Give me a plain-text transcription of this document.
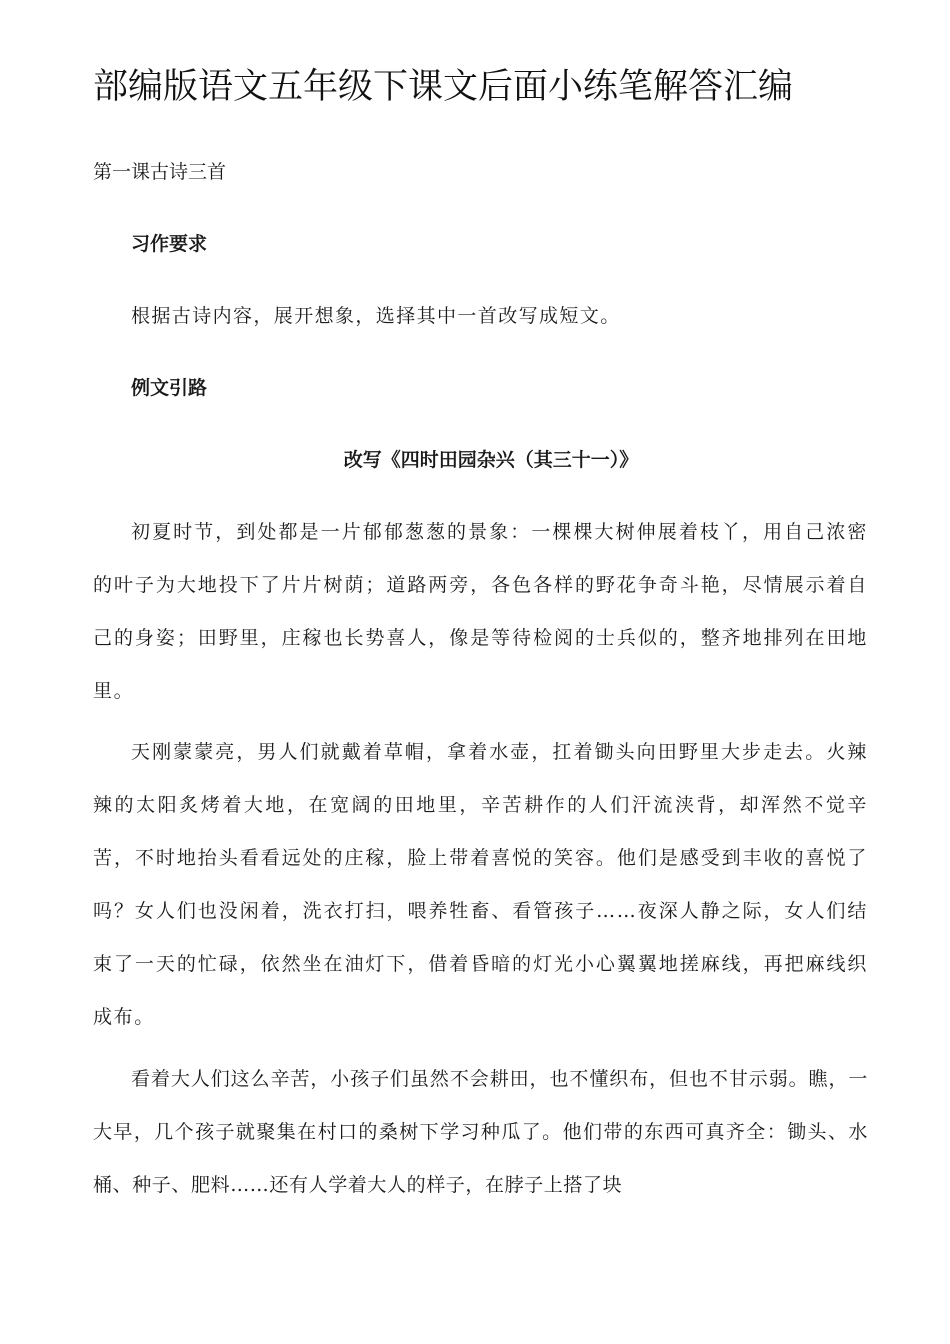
部编版语文五年级下课文后面小练笔解答汇编
第一课古诗三首
习作要求
根据古诗内容，展开想象，选择其中一首改写成短文。
例文引路
改写《四时田园杂兴（其三十一）》

初夏时节，到处都是一片郁郁葱葱的景象：一棵棵大树伸展着枝丫，用自己浓密的叶子为大地投下了片片树荫；道路两旁，各色各样的野花争奇斗艳，尽情展示着自己的身姿；田野里，庄稼也长势喜人，像是等待检阅的士兵似的，整齐地排列在田地里。

天刚蒙蒙亮，男人们就戴着草帽，拿着水壶，扛着锄头向田野里大步走去。火辣辣的太阳炙烤着大地，在宽阔的田地里，辛苦耕作的人们汗流浃背，却浑然不觉辛苦，不时地抬头看看远处的庄稼，脸上带着喜悦的笑容。他们是感受到丰收的喜悦了吗？女人们也没闲着，洗衣打扫，喂养牲畜、看管孩子……夜深人静之际，女人们结束了一天的忙碌，依然坐在油灯下，借着昏暗的灯光小心翼翼地搓麻线，再把麻线织成布。

看着大人们这么辛苦，小孩子们虽然不会耕田，也不懂织布，但也不甘示弱。瞧，一大早，几个孩子就聚集在村口的桑树下学习种瓜了。他们带的东西可真齐全：锄头、水桶、种子、肥料……还有人学着大人的样子，在脖子上搭了块
